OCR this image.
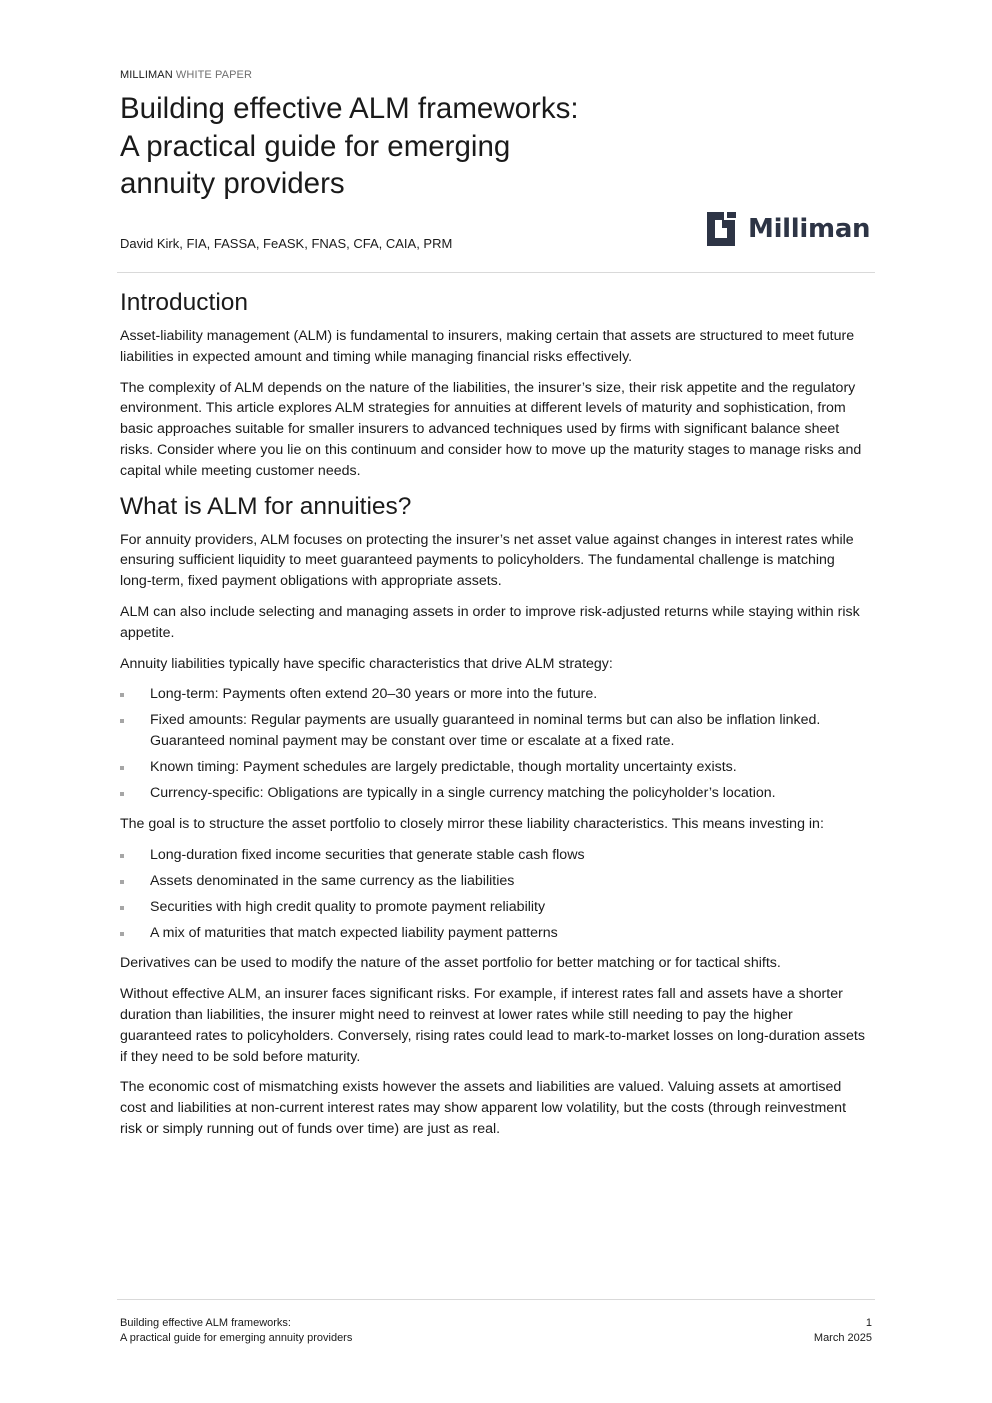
MILLIMAN WHITE PAPER
Building effective ALM frameworks:
A practical guide for emerging
annuity providers
David Kirk, FIA, FASSA, FeASK, FNAS, CFA, CAIA, PRM	Milliman
Introduction

Asset-liability management (ALM) is fundamental to insurers, making certain that assets are structured to meet future liabilities in expected amount and timing while managing financial risks effectively.

The complexity of ALM depends on the nature of the liabilities, the insurer’s size, their risk appetite and the regulatory environment. This article explores ALM strategies for annuities at different levels of maturity and sophistication, from basic approaches suitable for smaller insurers to advanced techniques used by firms with significant balance sheet risks. Consider where you lie on this continuum and consider how to move up the maturity stages to manage risks and capital while meeting customer needs.

What is ALM for annuities?

For annuity providers, ALM focuses on protecting the insurer’s net asset value against changes in interest rates while ensuring sufficient liquidity to meet guaranteed payments to policyholders. The fundamental challenge is matching long-term, fixed payment obligations with appropriate assets.

ALM can also include selecting and managing assets in order to improve risk-adjusted returns while staying within risk appetite.

Annuity liabilities typically have specific characteristics that drive ALM strategy:

Long-term: Payments often extend 20–30 years or more into the future.
Fixed amounts: Regular payments are usually guaranteed in nominal terms but can also be inflation linked. Guaranteed nominal payment may be constant over time or escalate at a fixed rate.
Known timing: Payment schedules are largely predictable, though mortality uncertainty exists.
Currency-specific: Obligations are typically in a single currency matching the policyholder’s location.

The goal is to structure the asset portfolio to closely mirror these liability characteristics. This means investing in:

Long-duration fixed income securities that generate stable cash flows
Assets denominated in the same currency as the liabilities
Securities with high credit quality to promote payment reliability
A mix of maturities that match expected liability payment patterns

Derivatives can be used to modify the nature of the asset portfolio for better matching or for tactical shifts.

Without effective ALM, an insurer faces significant risks. For example, if interest rates fall and assets have a shorter duration than liabilities, the insurer might need to reinvest at lower rates while still needing to pay the higher guaranteed rates to policyholders. Conversely, rising rates could lead to mark-to-market losses on long-duration assets if they need to be sold before maturity.

The economic cost of mismatching exists however the assets and liabilities are valued. Valuing assets at amortised cost and liabilities at non-current interest rates may show apparent low volatility, but the costs (through reinvestment risk or simply running out of funds over time) are just as real.

Building effective ALM frameworks:
A practical guide for emerging annuity providers
1
March 2025
